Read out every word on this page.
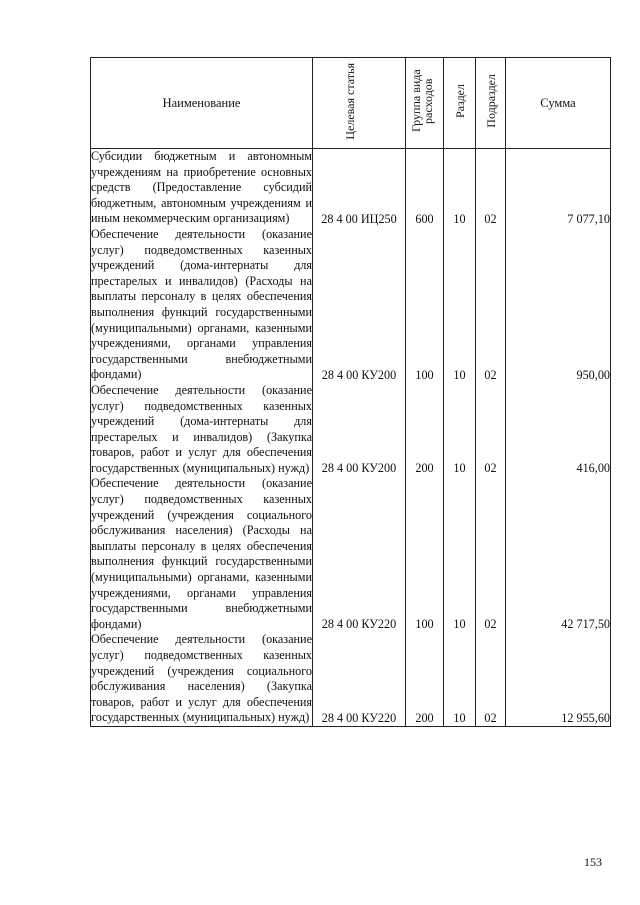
Наименование	Целевая статья	Группа вида расходов	Раздел	Подраздел	Сумма
Субсидии бюджетным и автономным учреждениям на приобретение основных средств (Предоставление субсидий бюджетным, автономным учреждениям и иным некоммерческим организациям)	28 4 00 ИЦ250	600	10	02	7 077,10
Обеспечение деятельности (оказание услуг) подведомственных казенных учреждений (дома-интернаты для престарелых и инвалидов) (Расходы на выплаты персоналу в целях обеспечения выполнения функций государственными (муниципальными) органами, казенными учреждениями, органами управления государственными внебюджетными фондами)	28 4 00 КУ200	100	10	02	950,00
Обеспечение деятельности (оказание услуг) подведомственных казенных учреждений (дома-интернаты для престарелых и инвалидов) (Закупка товаров, работ и услуг для обеспечения государственных (муниципальных) нужд)	28 4 00 КУ200	200	10	02	416,00
Обеспечение деятельности (оказание услуг) подведомственных казенных учреждений (учреждения социального обслуживания населения) (Расходы на выплаты персоналу в целях обеспечения выполнения функций государственными (муниципальными) органами, казенными учреждениями, органами управления государственными внебюджетными фондами)	28 4 00 КУ220	100	10	02	42 717,50
Обеспечение деятельности (оказание услуг) подведомственных казенных учреждений (учреждения социального обслуживания населения) (Закупка товаров, работ и услуг для обеспечения государственных (муниципальных) нужд)	28 4 00 КУ220	200	10	02	12 955,60
153
